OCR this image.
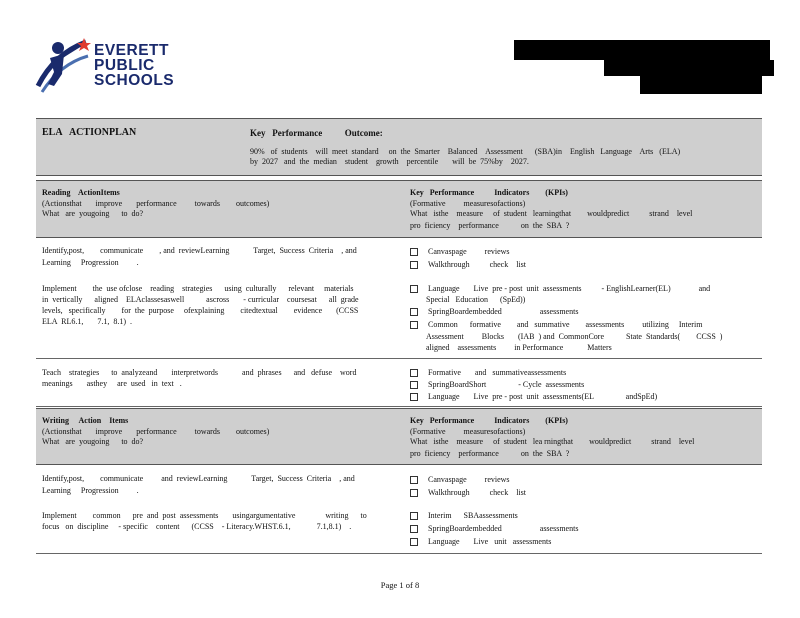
EVERETT
PUBLIC
SCHOOLS
ELA   ACTIONPLAN	Key   Performance          Outcome:
90%   of  students    will  meet  standard     on  the  Smarter    Balanced    Assessment      (SBA)in    English   Language    Arts   (ELA)
by  2027   and  the  median    student    growth    percentile       will  be  75%by    2027.
Reading    ActionItems
(Actionsthat       improve       performance         towards        outcomes)
What   are  yougoing      to  do?
Key   Performance          Indicators        (KPIs)
(Formative         measuresofactions)
What   isthe    measure     of  student   learningthat        wouldpredict          strand    level
pro  ficiency    performance           on  the  SBA  ?
Identify,post,        communicate        , and  reviewLearning            Target,  Success  Criteria    , and
Learning     Progression         .
Implement        the  use ofclose    reading    strategies      using  culturally      relevant     materials
in  vertically      aligned    ELAclassesaswell           ascross       - curricular    coursesat      all  grade
levels,   specifically        for  the  purpose     ofexplaining        citedtextual        evidence       (CCSS
ELA  RL6.1,       7.1,  8.1)  .
Canvaspage         reviews
Walkthrough          check    list
Language       Live  pre - post  unit  assessments          - EnglishLearner(EL)              and
Special   Education      (SpEd))
SpringBoardembedded                   assessments
Common      formative        and   summative        assessments         utilizing     Interim
Assessment         Blocks       (IAB  ) and  CommonCore           State  Standards(        CCSS  )
aligned    assessments         in Performance            Matters
Teach    strategies      to  analyzeand       interpretwords            and  phrases      and   defuse    word
meanings       asthey     are  used   in  text   .
Formative       and   summativeassessments
SpringBoardShort                - Cycle  assessments
Language       Live  pre - post  unit  assessments(EL                andSpEd)
Writing     Action    Items
(Actionsthat       improve       performance         towards        outcomes)
What   are  yougoing      to  do?
Key   Performance          Indicators        (KPIs)
(Formative         measuresofactions)
What   isthe    measure     of  student   lea rningthat        wouldpredict          strand    level
pro  ficiency    performance           on  the  SBA  ?
Identify,post,        communicate         and  reviewLearning            Target,  Success  Criteria    , and
Learning     Progression         .
Implement        common      pre  and  post  assessments       usingargumentative               writing      to
focus   on  discipline     - specific    content      (CCSS    - Literacy.WHST.6.1,             7.1,8.1)    .
Canvaspage         reviews
Walkthrough          check    list
Interim      SBAassessments
SpringBoardembedded                   assessments
Language       Live   unit   assessments
Page 1 of 8
